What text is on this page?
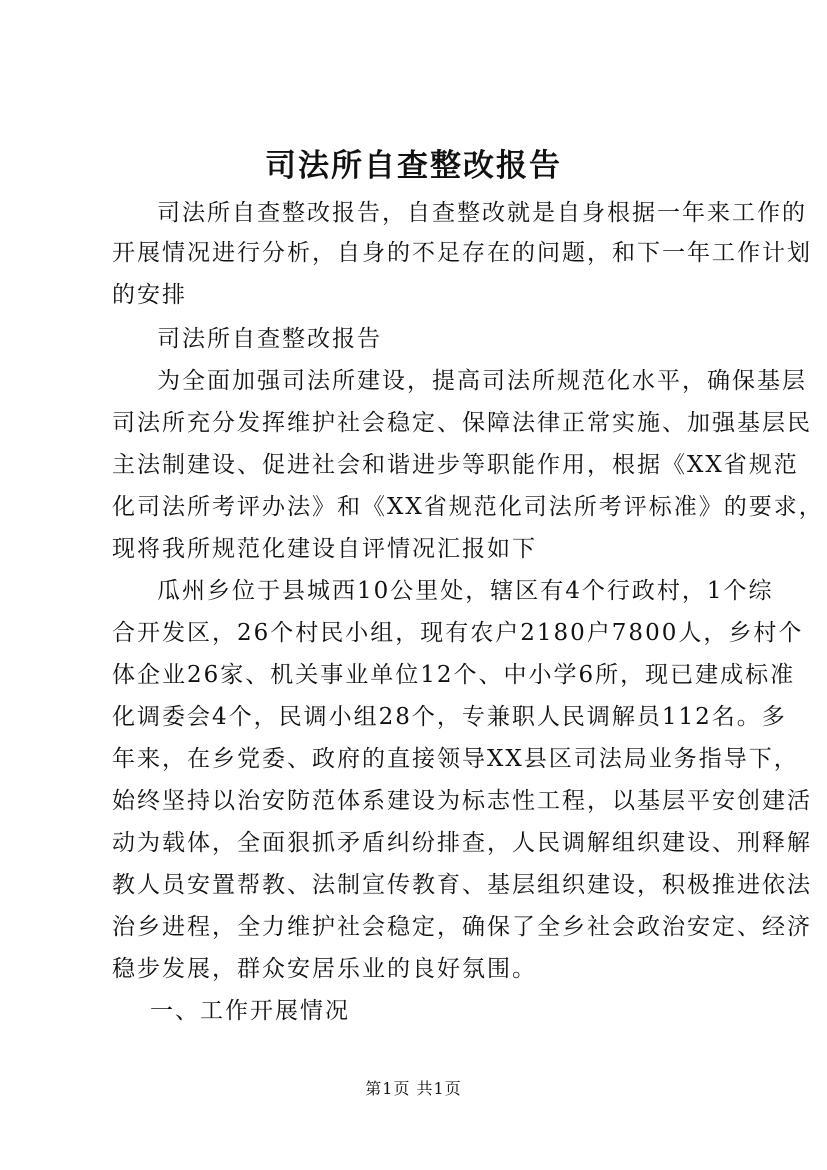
司法所自查整改报告
司法所自查整改报告，自查整改就是自身根据一年来工作的
开展情况进行分析，自身的不足存在的问题，和下一年工作计划
的安排
司法所自查整改报告
为全面加强司法所建设，提高司法所规范化水平，确保基层
司法所充分发挥维护社会稳定、保障法律正常实施、加强基层民
主法制建设、促进社会和谐进步等职能作用，根据《XX省规范
化司法所考评办法》和《XX省规范化司法所考评标准》的要求，
现将我所规范化建设自评情况汇报如下
瓜州乡位于县城西10公里处，辖区有4个行政村，1个综
合开发区，26个村民小组，现有农户2180户7800人，乡村个
体企业26家、机关事业单位12个、中小学6所，现已建成标准
化调委会4个，民调小组28个，专兼职人民调解员112名。多
年来，在乡党委、政府的直接领导XX县区司法局业务指导下，
始终坚持以治安防范体系建设为标志性工程，以基层平安创建活
动为载体，全面狠抓矛盾纠纷排查，人民调解组织建设、刑释解
教人员安置帮教、法制宣传教育、基层组织建设，积极推进依法
治乡进程，全力维护社会稳定，确保了全乡社会政治安定、经济
稳步发展，群众安居乐业的良好氛围。
一、工作开展情况
第1页 共1页
